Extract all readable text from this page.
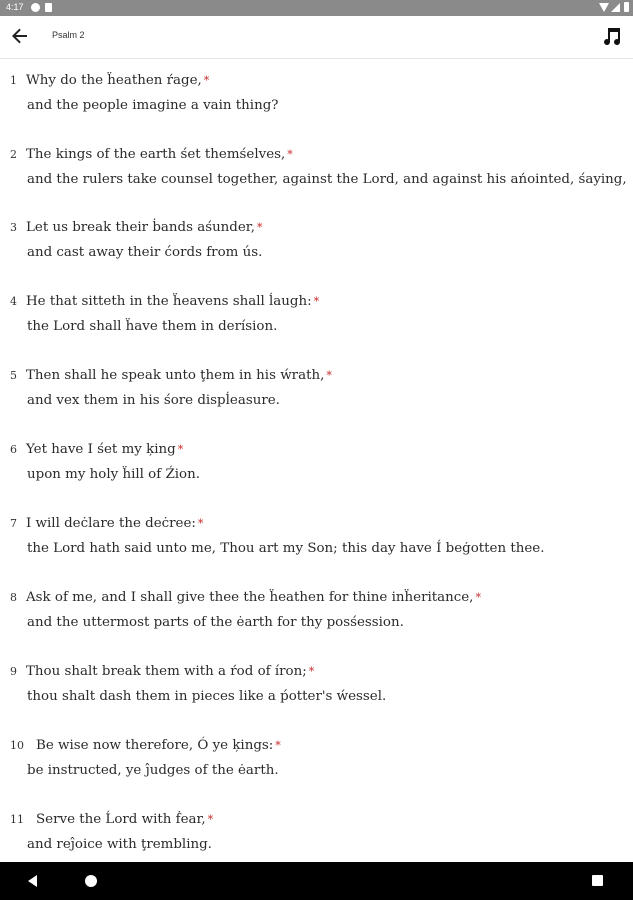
4:17
Psalm 2
1 Why do the ḧeathen ŕage, *
and the people imagine a vain thing?
2 The kings of the earth śet themśelves, *
and the rulers take counsel together, against the Lord, and against his ańointed, śaying,
3 Let us break their ḃands aśunder, *
and cast away their ćords from ús.
4 He that sitteth in the ḧeavens shall ĺaugh: *
the Lord shall ḧave them in derísion.
5 Then shall he speak unto ţhem in his ẃrath, *
and vex them in his śore dispĺeasure.
6 Yet have I śet my ķing *
upon my holy ḧill of Źion.
7 I will deċlare the deċree: *
the Lord hath said unto me, Thou art my Son; this day have Í beģotten thee.
8 Ask of me, and I shall give thee the ḧeathen for thine inḧeritance, *
and the uttermost parts of the ėarth for thy posśession.
9 Thou shalt break them with a ŕod of íron; *
thou shalt dash them in pieces like a ṕotter's ẃessel.
10 Be wise now therefore, Ó ye ķings: *
be instructed, ye ĵudges of the ėarth.
11 Serve the Ĺord with ḟear, *
and reĵoice with ţrembling.
